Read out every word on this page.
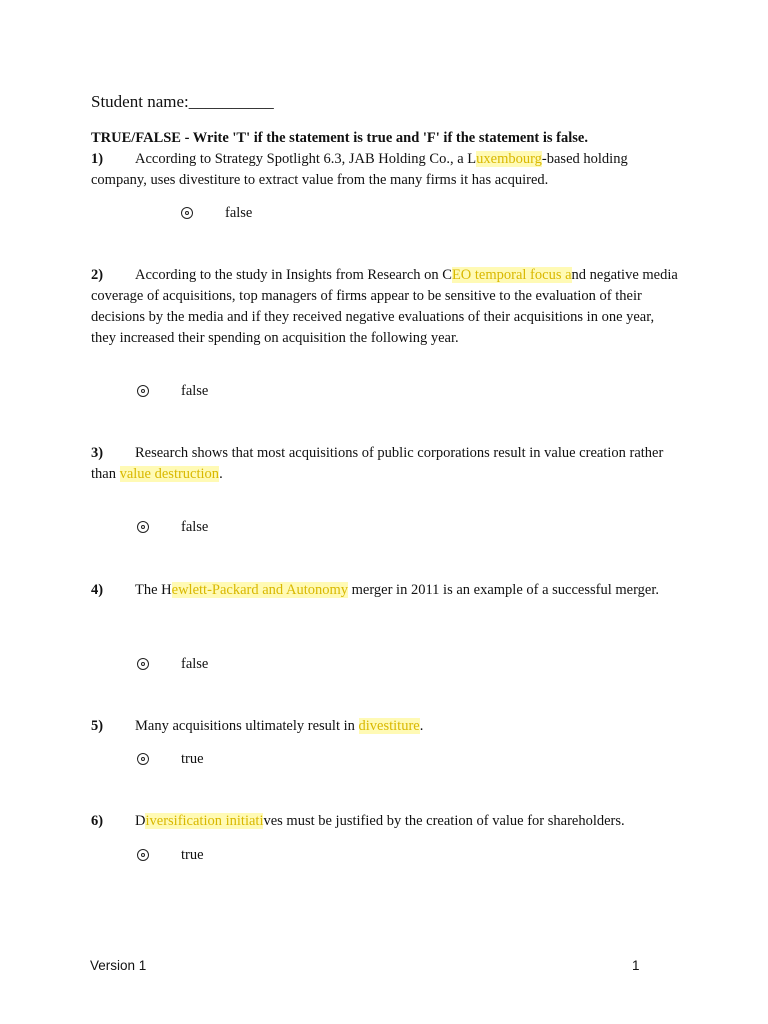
Student name:__________
TRUE/FALSE - Write 'T' if the statement is true and 'F' if the statement is false.
1)	According to Strategy Spotlight 6.3, JAB Holding Co., a Luxembourg-based holding company, uses divestiture to extract value from the many firms it has acquired.
false
2)	According to the study in Insights from Research on CEO temporal focus and negative media coverage of acquisitions, top managers of firms appear to be sensitive to the evaluation of their decisions by the media and if they received negative evaluations of their acquisitions in one year, they increased their spending on acquisition the following year.
false
3)	Research shows that most acquisitions of public corporations result in value creation rather than value destruction.
false
4)	The Hewlett-Packard and Autonomy merger in 2011 is an example of a successful merger.
false
5)	Many acquisitions ultimately result in divestiture.
true
6)	Diversification initiatives must be justified by the creation of value for shareholders.
true
Version 1	1
